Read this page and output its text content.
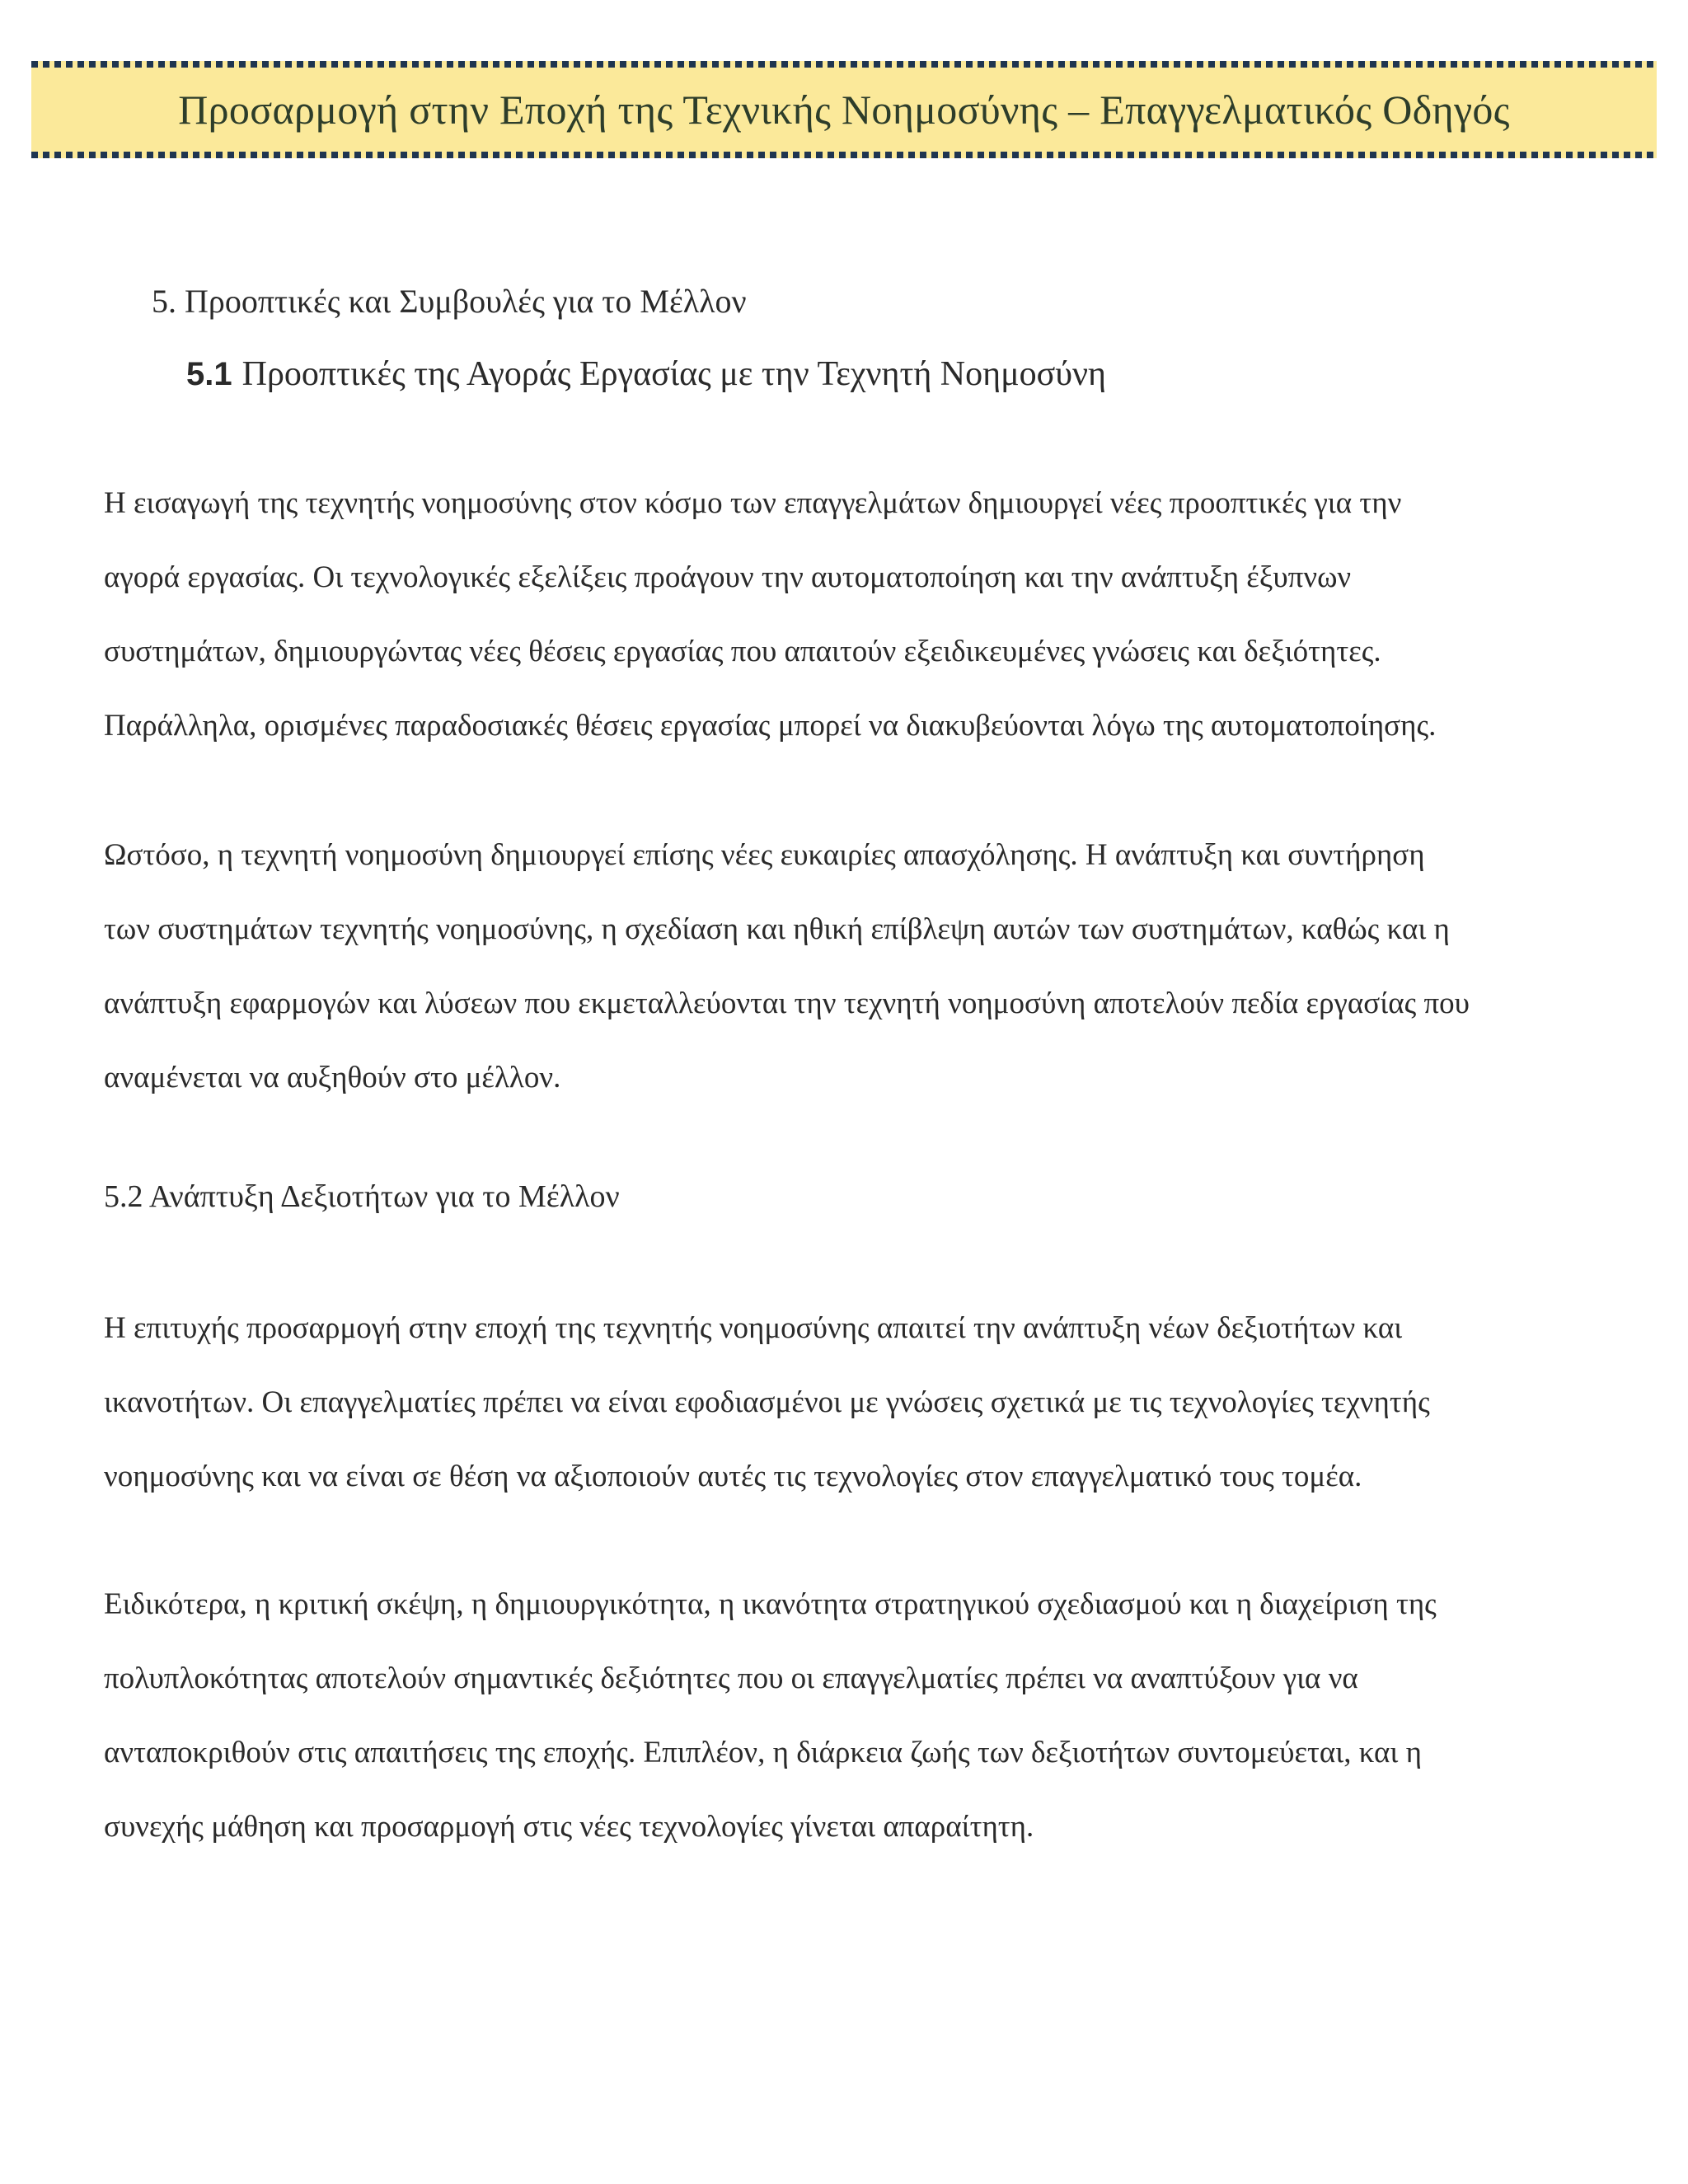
Προσαρμογή στην Εποχή της Τεχνικής Νοημοσύνης – Επαγγελματικός Οδηγός
5. Προοπτικές και Συμβουλές για το Μέλλον
5.1 Προοπτικές της Αγοράς Εργασίας με την Τεχνητή Νοημοσύνη

Η εισαγωγή της τεχνητής νοημοσύνης στον κόσμο των επαγγελμάτων δημιουργεί νέες προοπτικές για την
αγορά εργασίας. Οι τεχνολογικές εξελίξεις προάγουν την αυτοματοποίηση και την ανάπτυξη έξυπνων
συστημάτων, δημιουργώντας νέες θέσεις εργασίας που απαιτούν εξειδικευμένες γνώσεις και δεξιότητες.
Παράλληλα, ορισμένες παραδοσιακές θέσεις εργασίας μπορεί να διακυβεύονται λόγω της αυτοματοποίησης.

Ωστόσο, η τεχνητή νοημοσύνη δημιουργεί επίσης νέες ευκαιρίες απασχόλησης. Η ανάπτυξη και συντήρηση
των συστημάτων τεχνητής νοημοσύνης, η σχεδίαση και ηθική επίβλεψη αυτών των συστημάτων, καθώς και η
ανάπτυξη εφαρμογών και λύσεων που εκμεταλλεύονται την τεχνητή νοημοσύνη αποτελούν πεδία εργασίας που
αναμένεται να αυξηθούν στο μέλλον.

5.2 Ανάπτυξη Δεξιοτήτων για το Μέλλον

Η επιτυχής προσαρμογή στην εποχή της τεχνητής νοημοσύνης απαιτεί την ανάπτυξη νέων δεξιοτήτων και
ικανοτήτων. Οι επαγγελματίες πρέπει να είναι εφοδιασμένοι με γνώσεις σχετικά με τις τεχνολογίες τεχνητής
νοημοσύνης και να είναι σε θέση να αξιοποιούν αυτές τις τεχνολογίες στον επαγγελματικό τους τομέα.

Ειδικότερα, η κριτική σκέψη, η δημιουργικότητα, η ικανότητα στρατηγικού σχεδιασμού και η διαχείριση της
πολυπλοκότητας αποτελούν σημαντικές δεξιότητες που οι επαγγελματίες πρέπει να αναπτύξουν για να
ανταποκριθούν στις απαιτήσεις της εποχής. Επιπλέον, η διάρκεια ζωής των δεξιοτήτων συντομεύεται, και η
συνεχής μάθηση και προσαρμογή στις νέες τεχνολογίες γίνεται απαραίτητη.
